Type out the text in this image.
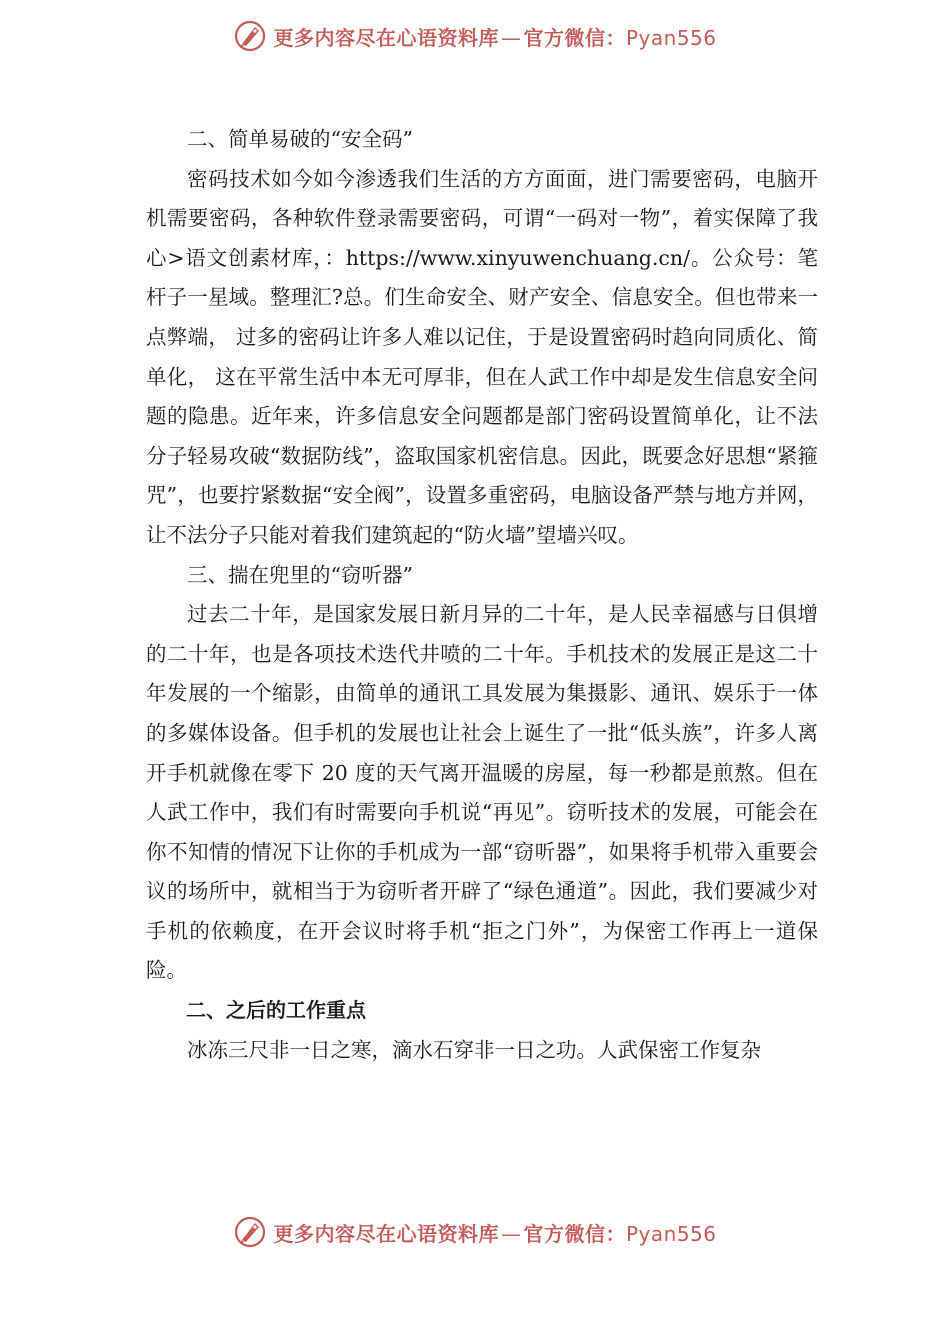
更多内容尽在心语资料库 — 官方微信：Pyan556

二、简单易破的“安全码”

密码技术如今如今渗透我们生活的方方面面，进门需要密码，电脑开机需要密码，各种软件登录需要密码，可谓“一码对一物”，着实保障了我心>语文创素材库，：https://www.xinyuwenchuang.cn/。公众号：笔杆子一星域。整理汇?总。们生命安全、财产安全、信息安全。但也带来一点弊端， 过多的密码让许多人难以记住，于是设置密码时趋向同质化、简单化， 这在平常生活中本无可厚非，但在人武工作中却是发生信息安全问题的隐患。近年来，许多信息安全问题都是部门密码设置简单化，让不法分子轻易攻破“数据防线”，盗取国家机密信息。因此，既要念好思想“紧箍咒”，也要拧紧数据“安全阀”，设置多重密码，电脑设备严禁与地方并网，让不法分子只能对着我们建筑起的“防火墙”望墙兴叹。

三、揣在兜里的“窃听器”

过去二十年，是国家发展日新月异的二十年，是人民幸福感与日俱增的二十年，也是各项技术迭代井喷的二十年。手机技术的发展正是这二十年发展的一个缩影，由简单的通讯工具发展为集摄影、通讯、娱乐于一体的多媒体设备。但手机的发展也让社会上诞生了一批“低头族”，许多人离开手机就像在零下 20 度的天气离开温暖的房屋，每一秒都是煎熬。但在人武工作中，我们有时需要向手机说“再见”。窃听技术的发展，可能会在你不知情的情况下让你的手机成为一部“窃听器”，如果将手机带入重要会议的场所中，就相当于为窃听者开辟了“绿色通道”。因此，我们要减少对手机的依赖度，在开会议时将手机“拒之门外”，为保密工作再上一道保险。

二、之后的工作重点

冰冻三尺非一日之寒，滴水石穿非一日之功。人武保密工作复杂

更多内容尽在心语资料库 — 官方微信：Pyan556
